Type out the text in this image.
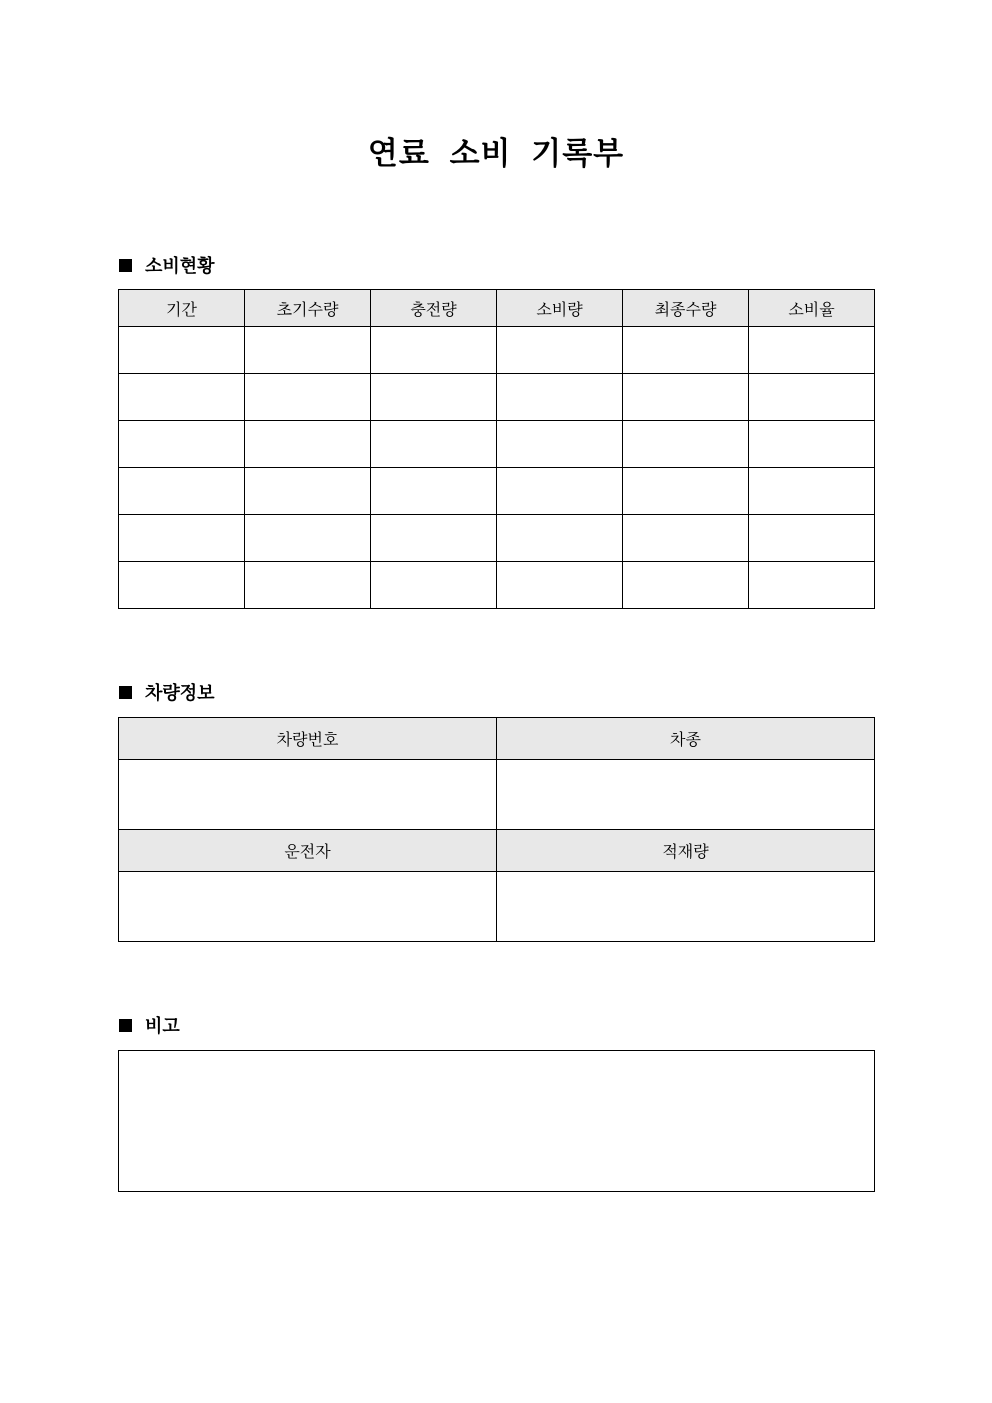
연료 소비 기록부
소비현황
기간	초기수량	충전량	소비량	최종수량	소비율

차량정보
차량번호	차종

운전자	적재량

비고
